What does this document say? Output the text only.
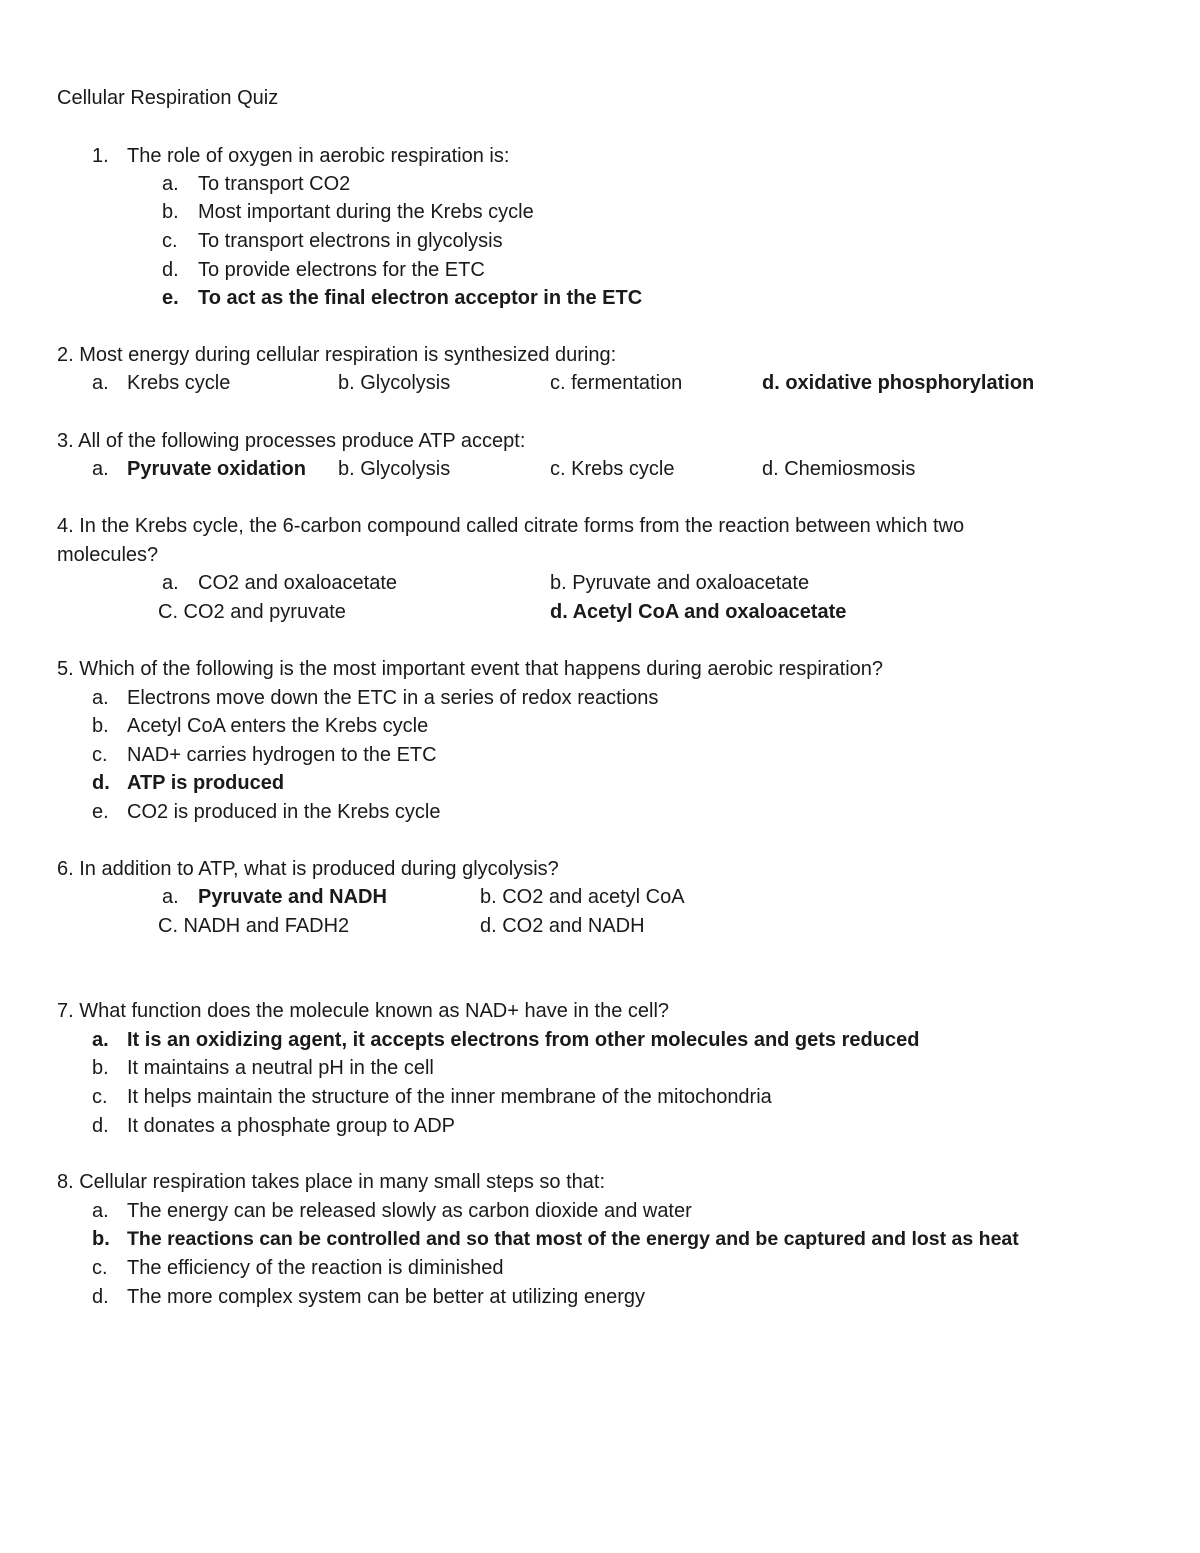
Cellular Respiration Quiz
1. The role of oxygen in aerobic respiration is:
a. To transport CO2
b. Most important during the Krebs cycle
c. To transport electrons in glycolysis
d. To provide electrons for the ETC
e. To act as the final electron acceptor in the ETC
2. Most energy during cellular respiration is synthesized during:
a. Krebs cycle	b. Glycolysis	c. fermentation	d. oxidative phosphorylation
3. All of the following processes produce ATP accept:
a. Pyruvate oxidation b. Glycolysis	c. Krebs cycle	d. Chemiosmosis
4. In the Krebs cycle, the 6-carbon compound called citrate forms from the reaction between which two
molecules?
a. CO2 and oxaloacetate	b. Pyruvate and oxaloacetate
C. CO2 and pyruvate	d. Acetyl CoA and oxaloacetate
5. Which of the following is the most important event that happens during aerobic respiration?
a. Electrons move down the ETC in a series of redox reactions
b. Acetyl CoA enters the Krebs cycle
c. NAD+ carries hydrogen to the ETC
d. ATP is produced
e. CO2 is produced in the Krebs cycle
6. In addition to ATP, what is produced during glycolysis?
a. Pyruvate and NADH	b. CO2 and acetyl CoA
C. NADH and FADH2	d. CO2 and NADH
7. What function does the molecule known as NAD+ have in the cell?
a. It is an oxidizing agent, it accepts electrons from other molecules and gets reduced
b. It maintains a neutral pH in the cell
c. It helps maintain the structure of the inner membrane of the mitochondria
d. It donates a phosphate group to ADP
8. Cellular respiration takes place in many small steps so that:
a. The energy can be released slowly as carbon dioxide and water
b. The reactions can be controlled and so that most of the energy and be captured and lost as heat
c. The efficiency of the reaction is diminished
d. The more complex system can be better at utilizing energy
